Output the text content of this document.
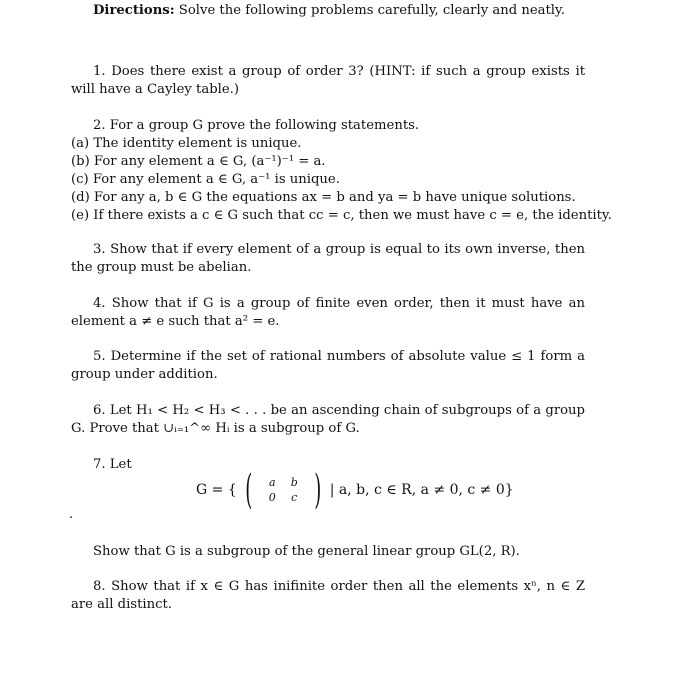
Directions: Solve the following problems carefully, clearly and neatly.

1. Does there exist a group of order 3? (HINT: if such a group exists it will have a Cayley table.)

2. For a group G prove the following statements.
(a) The identity element is unique.
(b) For any element a ∈ G, (a⁻¹)⁻¹ = a.
(c) For any element a ∈ G, a⁻¹ is unique.
(d) For any a, b ∈ G the equations ax = b and ya = b have unique solutions.
(e) If there exists a c ∈ G such that cc = c, then we must have c = e, the identity.

3. Show that if every element of a group is equal to its own inverse, then the group must be abelian.

4. Show that if G is a group of finite even order, then it must have an element a ≠ e such that a² = e.

5. Determine if the set of rational numbers of absolute value ≤ 1 form a group under addition.

6. Let H₁ < H₂ < H₃ < . . . be an ascending chain of subgroups of a group G. Prove that ∪ᵢ₌₁^∞ Hᵢ is a subgroup of G.

7. Let

G = { ( a b
0 c ) | a, b, c ∈ R, a ≠ 0, c ≠ 0}
.

Show that G is a subgroup of the general linear group GL(2, R).

8. Show that if x ∈ G has inifinite order then all the elements xⁿ, n ∈ Z are all distinct.
